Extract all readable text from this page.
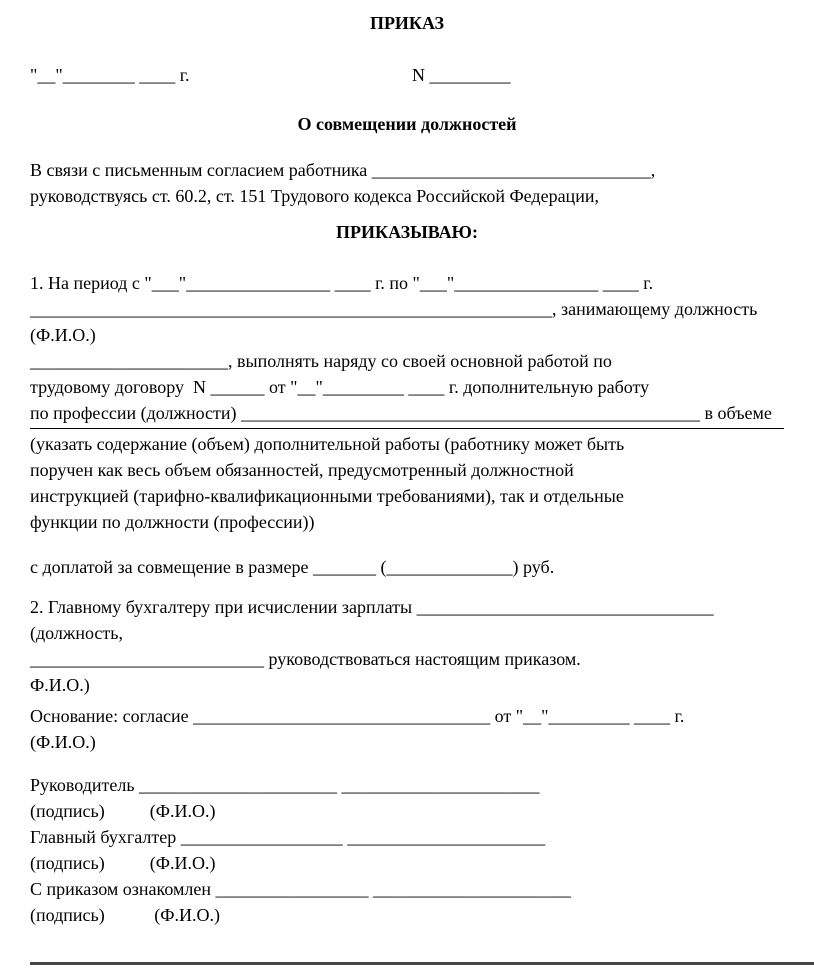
ПРИКАЗ
"__"________ ____ г.	N _________
О совмещении должностей
В связи с письменным согласием работника _______________________________,
руководствуясь ст. 60.2, ст. 151 Трудового кодекса Российской Федерации,
ПРИКАЗЫВАЮ:
1. На период с "___"________________ ____ г. по "___"________________ ____ г.
__________________________________________________________, занимающему должность
(Ф.И.О.)
______________________, выполнять наряду со своей основной работой по
трудовому договору  N ______ от "__"_________ ____ г. дополнительную работу
по профессии (должности) ___________________________________________________ в объеме
(указать содержание (объем) дополнительной работы (работнику может быть
поручен как весь объем обязанностей, предусмотренный должностной
инструкцией (тарифно-квалификационными требованиями), так и отдельные
функции по должности (профессии))
с доплатой за совмещение в размере _______ (______________) руб.
2. Главному бухгалтеру при исчислении зарплаты _________________________________
(должность,
__________________________ руководствоваться настоящим приказом.
Ф.И.О.)
Основание: согласие _________________________________ от "__"_________ ____ г.
(Ф.И.О.)
Руководитель ______________________ ______________________
(подпись)          (Ф.И.О.)
Главный бухгалтер __________________ ______________________
(подпись)          (Ф.И.О.)
С приказом ознакомлен _________________ ______________________
(подпись)           (Ф.И.О.)
